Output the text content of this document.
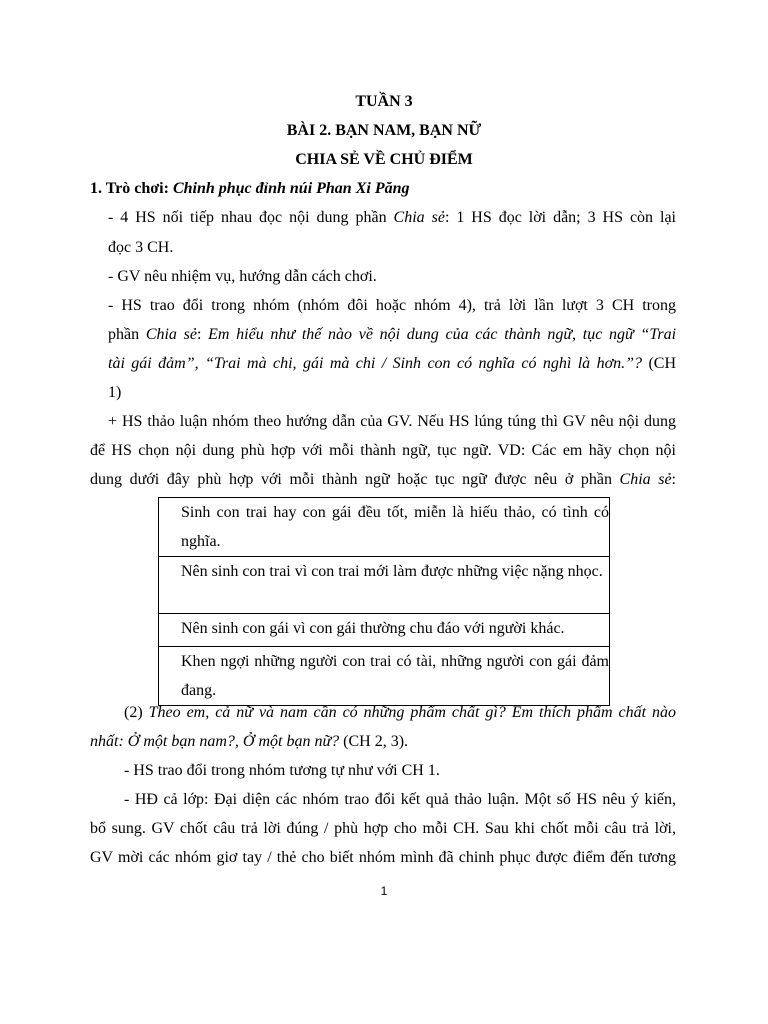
TUẦN 3
BÀI 2. BẠN NAM, BẠN NỮ
CHIA SẺ VỀ CHỦ ĐIỂM
1. Trò chơi: Chinh phục đỉnh núi Phan Xi Păng
- 4 HS nối tiếp nhau đọc nội dung phần Chia sẻ: 1 HS đọc lời dẫn; 3 HS còn lại
đọc 3 CH.
- GV nêu nhiệm vụ, hướng dẫn cách chơi.
- HS trao đổi trong nhóm (nhóm đôi hoặc nhóm 4), trả lời lần lượt 3 CH trong
phần Chia sẻ: Em hiểu như thế nào về nội dung của các thành ngữ, tục ngữ “Trai
tài gái đảm”, “Trai mà chi, gái mà chi / Sinh con có nghĩa có nghì là hơn.”? (CH
1)
+ HS thảo luận nhóm theo hướng dẫn của GV. Nếu HS lúng túng thì GV nêu nội dung
để HS chọn nội dung phù hợp với mỗi thành ngữ, tục ngữ. VD: Các em hãy chọn nội
dung dưới đây phù hợp với mỗi thành ngữ hoặc tục ngữ được nêu ở phần Chia sẻ:
Sinh con trai hay con gái đều tốt, miễn là hiếu thảo, có tình có nghĩa.
Nên sinh con trai vì con trai mới làm được những việc nặng nhọc.
Nên sinh con gái vì con gái thường chu đáo với người khác.
Khen ngợi những người con trai có tài, những người con gái đảm đang.
(2) Theo em, cả nữ và nam cần có những phẩm chất gì? Em thích phẩm chất nào
nhất: Ở một bạn nam?, Ở một bạn nữ? (CH 2, 3).
- HS trao đổi trong nhóm tương tự như với CH 1.
- HĐ cả lớp: Đại diện các nhóm trao đổi kết quả thảo luận. Một số HS nêu ý kiến,
bổ sung. GV chốt câu trả lời đúng / phù hợp cho mỗi CH. Sau khi chốt mỗi câu trả lời,
GV mời các nhóm giơ tay / thẻ cho biết nhóm mình đã chinh phục được điểm đến tương
1
